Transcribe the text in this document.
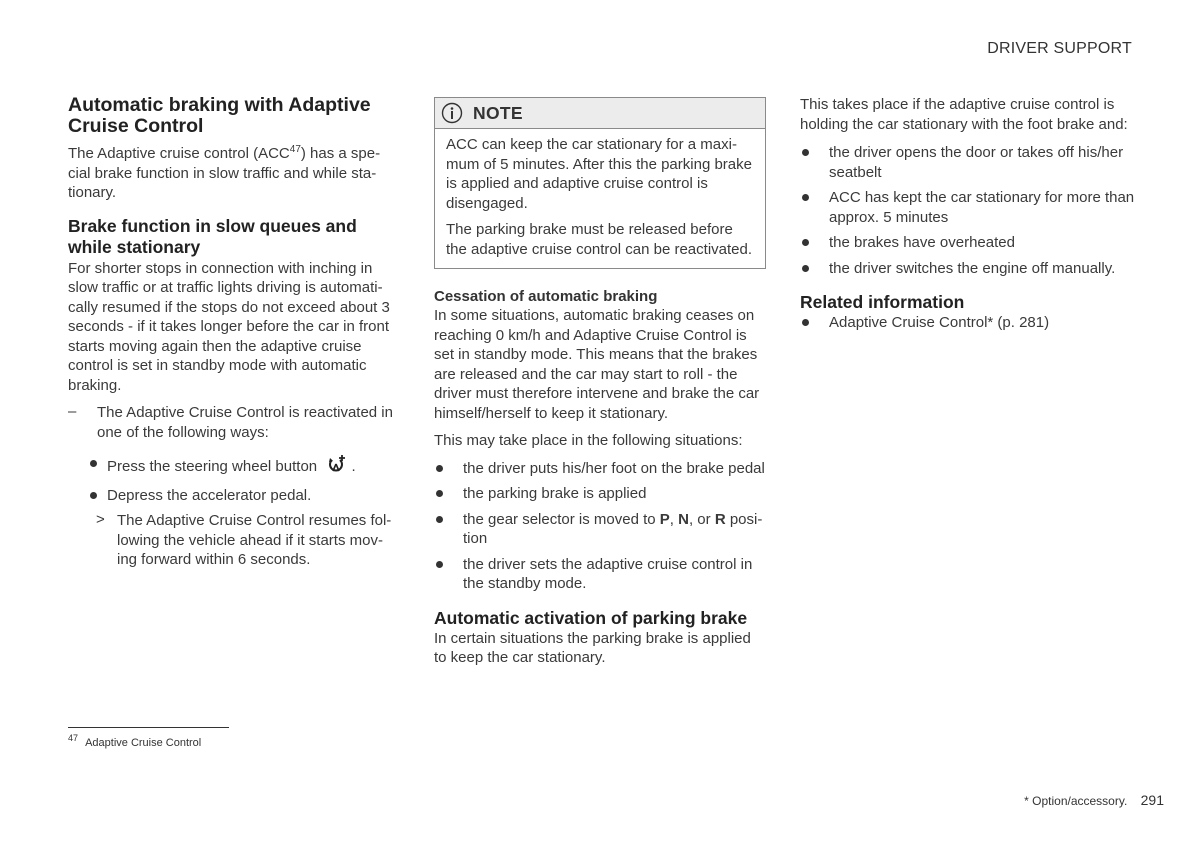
DRIVER SUPPORT
Automatic braking with Adaptive Cruise Control

The Adaptive cruise control (ACC$^{47}$) has a spe-cial brake function in slow traffic and while sta-tionary.

Brake function in slow queues and while stationary

For shorter stops in connection with inching in slow traffic or at traffic lights driving is automati-cally resumed if the stops do not exceed about 3 seconds - if it takes longer before the car in front starts moving again then the adaptive cruise control is set in standby mode with automatic braking.

– The Adaptive Cruise Control is reactivated in one of the following ways:

Press the steering wheel button .
Depress the accelerator pedal.
> The Adaptive Cruise Control resumes fol-lowing the vehicle ahead if it starts mov-ing forward within 6 seconds.

NOTE

ACC can keep the car stationary for a maxi-mum of 5 minutes. After this the parking brake is applied and adaptive cruise control is disengaged.

The parking brake must be released before the adaptive cruise control can be reactivated.

Cessation of automatic braking

In some situations, automatic braking ceases on reaching 0 km/h and Adaptive Cruise Control is set in standby mode. This means that the brakes are released and the car may start to roll - the driver must therefore intervene and brake the car himself/herself to keep it stationary.

This may take place in the following situations:

the driver puts his/her foot on the brake pedal
the parking brake is applied
the gear selector is moved to P, N, or R posi-tion
the driver sets the adaptive cruise control in the standby mode.
Automatic activation of parking brake

In certain situations the parking brake is applied to keep the car stationary.

This takes place if the adaptive cruise control is holding the car stationary with the foot brake and:

the driver opens the door or takes off his/her seatbelt
ACC has kept the car stationary for more than approx. 5 minutes
the brakes have overheated
the driver switches the engine off manually.
Related information
Adaptive Cruise Control* (p. 281)
$^{47}$ Adaptive Cruise Control
* Option/accessory. 291
